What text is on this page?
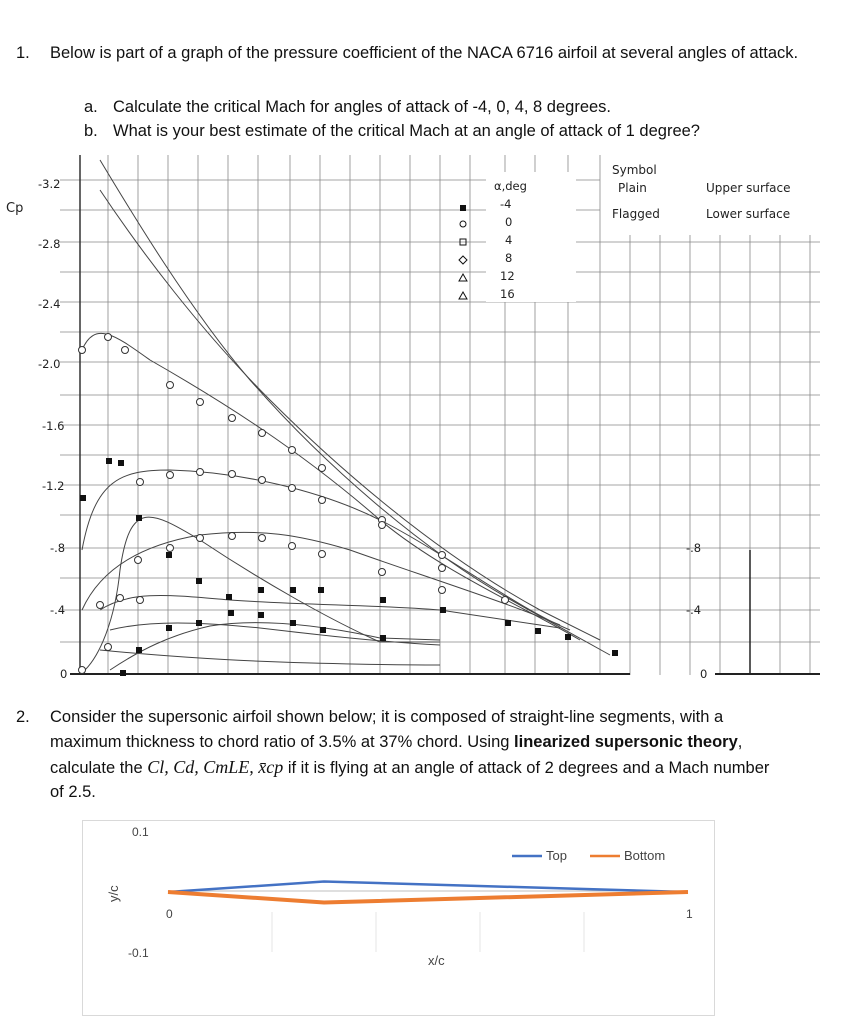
1. Below is part of a graph of the pressure coefficient of the NACA 6716 airfoil at several angles of attack.
a. Calculate the critical Mach for angles of attack of -4, 0, 4, 8 degrees.
b. What is your best estimate of the critical Mach at an angle of attack of 1 degree?
-3.2
-2.8
-2.4
-2.0
-1.6
-1.2
-.8
-.4
0
Cp
-.8
-.4
0
α,deg
-4
0
4
8
12
16
Symbol
Plain
Flagged
Upper surface
Lower surface
2. Consider the supersonic airfoil shown below; it is composed of straight-line segments, with a
maximum thickness to chord ratio of 3.5% at 37% chord. Using linearized supersonic theory,
calculate the Cl, Cd, CmLE, x̄cp if it is flying at an angle of attack of 2 degrees and a Mach number
of 2.5.
0.1
-0.1
0	1
x/c
y/c
Top	Bottom
